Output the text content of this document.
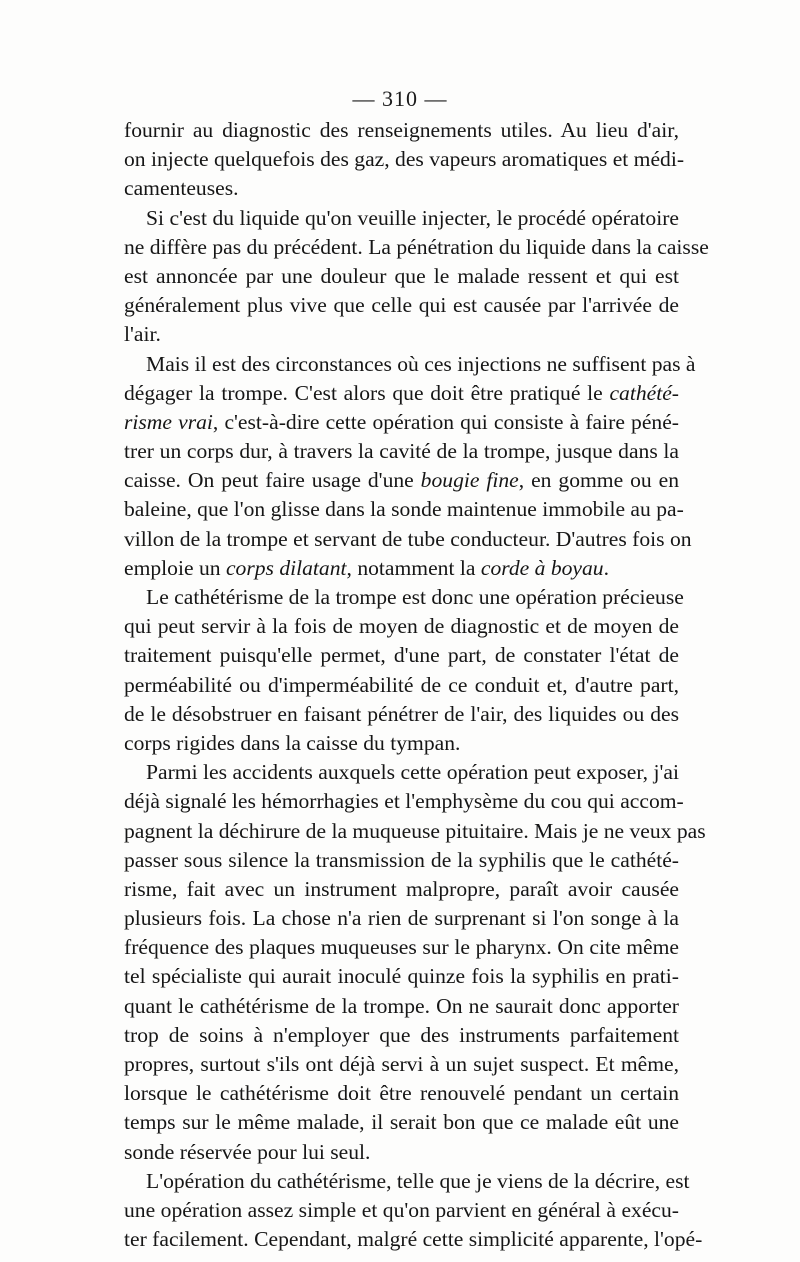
— 310 —
fournir au diagnostic des renseignements utiles. Au lieu d'air,
on injecte quelquefois des gaz, des vapeurs aromatiques et médi-
camenteuses.
Si c'est du liquide qu'on veuille injecter, le procédé opératoire
ne diffère pas du précédent. La pénétration du liquide dans la caisse
est annoncée par une douleur que le malade ressent et qui est
généralement plus vive que celle qui est causée par l'arrivée de
l'air.
Mais il est des circonstances où ces injections ne suffisent pas à
dégager la trompe. C'est alors que doit être pratiqué le cathété-
risme vrai, c'est-à-dire cette opération qui consiste à faire péné-
trer un corps dur, à travers la cavité de la trompe, jusque dans la
caisse. On peut faire usage d'une bougie fine, en gomme ou en
baleine, que l'on glisse dans la sonde maintenue immobile au pa-
villon de la trompe et servant de tube conducteur. D'autres fois on
emploie un corps dilatant, notamment la corde à boyau.
Le cathétérisme de la trompe est donc une opération précieuse
qui peut servir à la fois de moyen de diagnostic et de moyen de
traitement puisqu'elle permet, d'une part, de constater l'état de
perméabilité ou d'imperméabilité de ce conduit et, d'autre part,
de le désobstruer en faisant pénétrer de l'air, des liquides ou des
corps rigides dans la caisse du tympan.
Parmi les accidents auxquels cette opération peut exposer, j'ai
déjà signalé les hémorrhagies et l'emphysème du cou qui accom-
pagnent la déchirure de la muqueuse pituitaire. Mais je ne veux pas
passer sous silence la transmission de la syphilis que le cathété-
risme, fait avec un instrument malpropre, paraît avoir causée
plusieurs fois. La chose n'a rien de surprenant si l'on songe à la
fréquence des plaques muqueuses sur le pharynx. On cite même
tel spécialiste qui aurait inoculé quinze fois la syphilis en prati-
quant le cathétérisme de la trompe. On ne saurait donc apporter
trop de soins à n'employer que des instruments parfaitement
propres, surtout s'ils ont déjà servi à un sujet suspect. Et même,
lorsque le cathétérisme doit être renouvelé pendant un certain
temps sur le même malade, il serait bon que ce malade eût une
sonde réservée pour lui seul.
L'opération du cathétérisme, telle que je viens de la décrire, est
une opération assez simple et qu'on parvient en général à exécu-
ter facilement. Cependant, malgré cette simplicité apparente, l'opé-
